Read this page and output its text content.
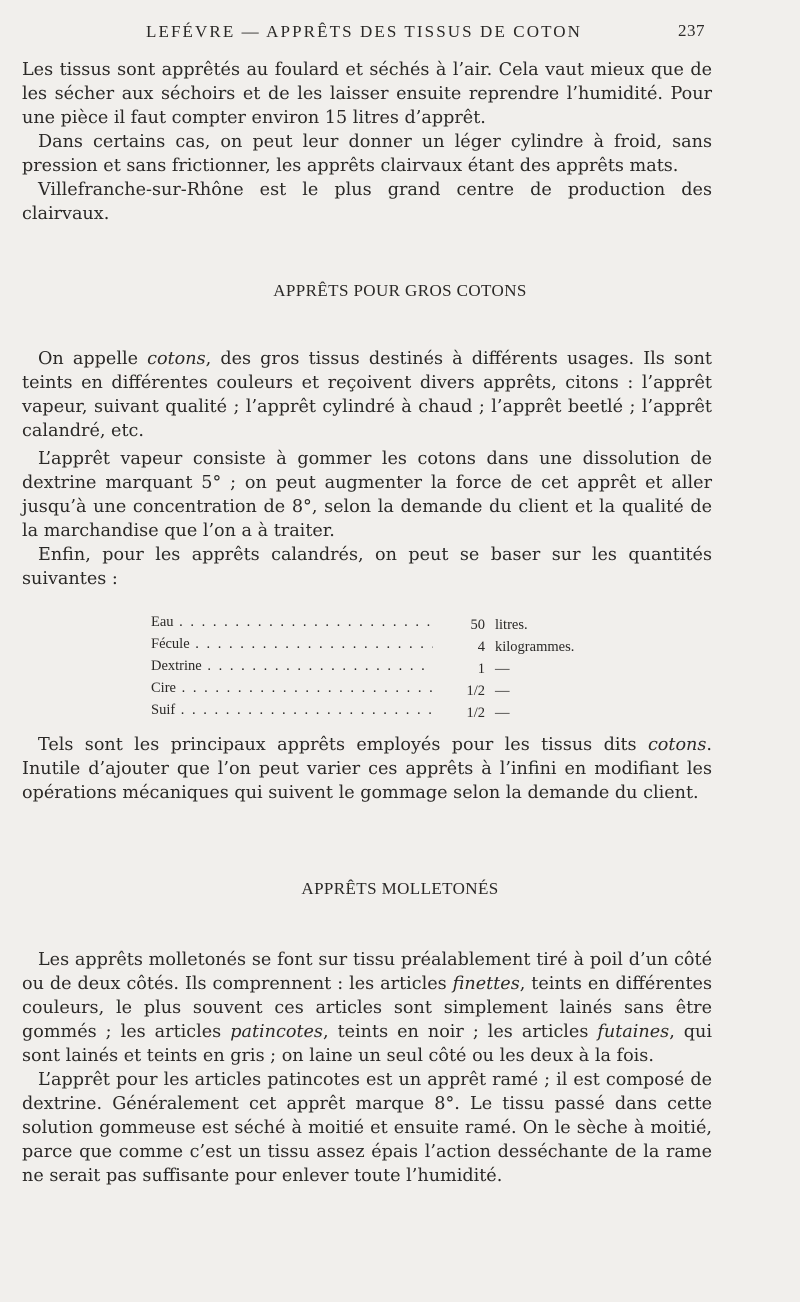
LEFÉVRE — APPRÊTS DES TISSUS DE COTON	237

Les tissus sont apprêtés au foulard et séchés à l’air. Cela vaut mieux que de les sécher aux séchoirs et de les laisser ensuite reprendre l’humidité. Pour une pièce il faut compter environ 15 litres d’apprêt.

Dans certains cas, on peut leur donner un léger cylindre à froid, sans pression et sans frictionner, les apprêts clairvaux étant des apprêts mats.

Villefranche-sur-Rhône est le plus grand centre de production des clairvaux.

APPRÊTS POUR GROS COTONS

On appelle cotons, des gros tissus destinés à différents usages. Ils sont teints en différentes couleurs et reçoivent divers apprêts, citons : l’apprêt vapeur, suivant qualité ; l’apprêt cylindré à chaud ; l’apprêt beetlé ; l’apprêt calandré, etc.

L’apprêt vapeur consiste à gommer les cotons dans une dissolution de dextrine marquant 5° ; on peut augmenter la force de cet apprêt et aller jusqu’à une concentration de 8°, selon la demande du client et la qualité de la marchandise que l’on a à traiter.

Enfin, pour les apprêts calandrés, on peut se baser sur les quantités suivantes :

Eau . . .	50	litres.
Fécule . . .	4	kilogrammes.
Dextrine . . .	1	—
Cire . . .	1/2	—
Suif . . .	1/2	—

Tels sont les principaux apprêts employés pour les tissus dits cotons. Inutile d’ajouter que l’on peut varier ces apprêts à l’infini en modifiant les opérations mécaniques qui suivent le gommage selon la demande du client.

APPRÊTS MOLLETONÉS

Les apprêts molletonés se font sur tissu préalablement tiré à poil d’un côté ou de deux côtés. Ils comprennent : les articles finettes, teints en différentes couleurs, le plus souvent ces articles sont simplement lainés sans être gommés ; les articles patincotes, teints en noir ; les articles futaines, qui sont lainés et teints en gris ; on laine un seul côté ou les deux à la fois.

L’apprêt pour les articles patincotes est un apprêt ramé ; il est composé de dextrine. Généralement cet apprêt marque 8°. Le tissu passé dans cette solution gommeuse est séché à moitié et ensuite ramé. On le sèche à moitié, parce que comme c’est un tissu assez épais l’action desséchante de la rame ne serait pas suffisante pour enlever toute l’humidité.
